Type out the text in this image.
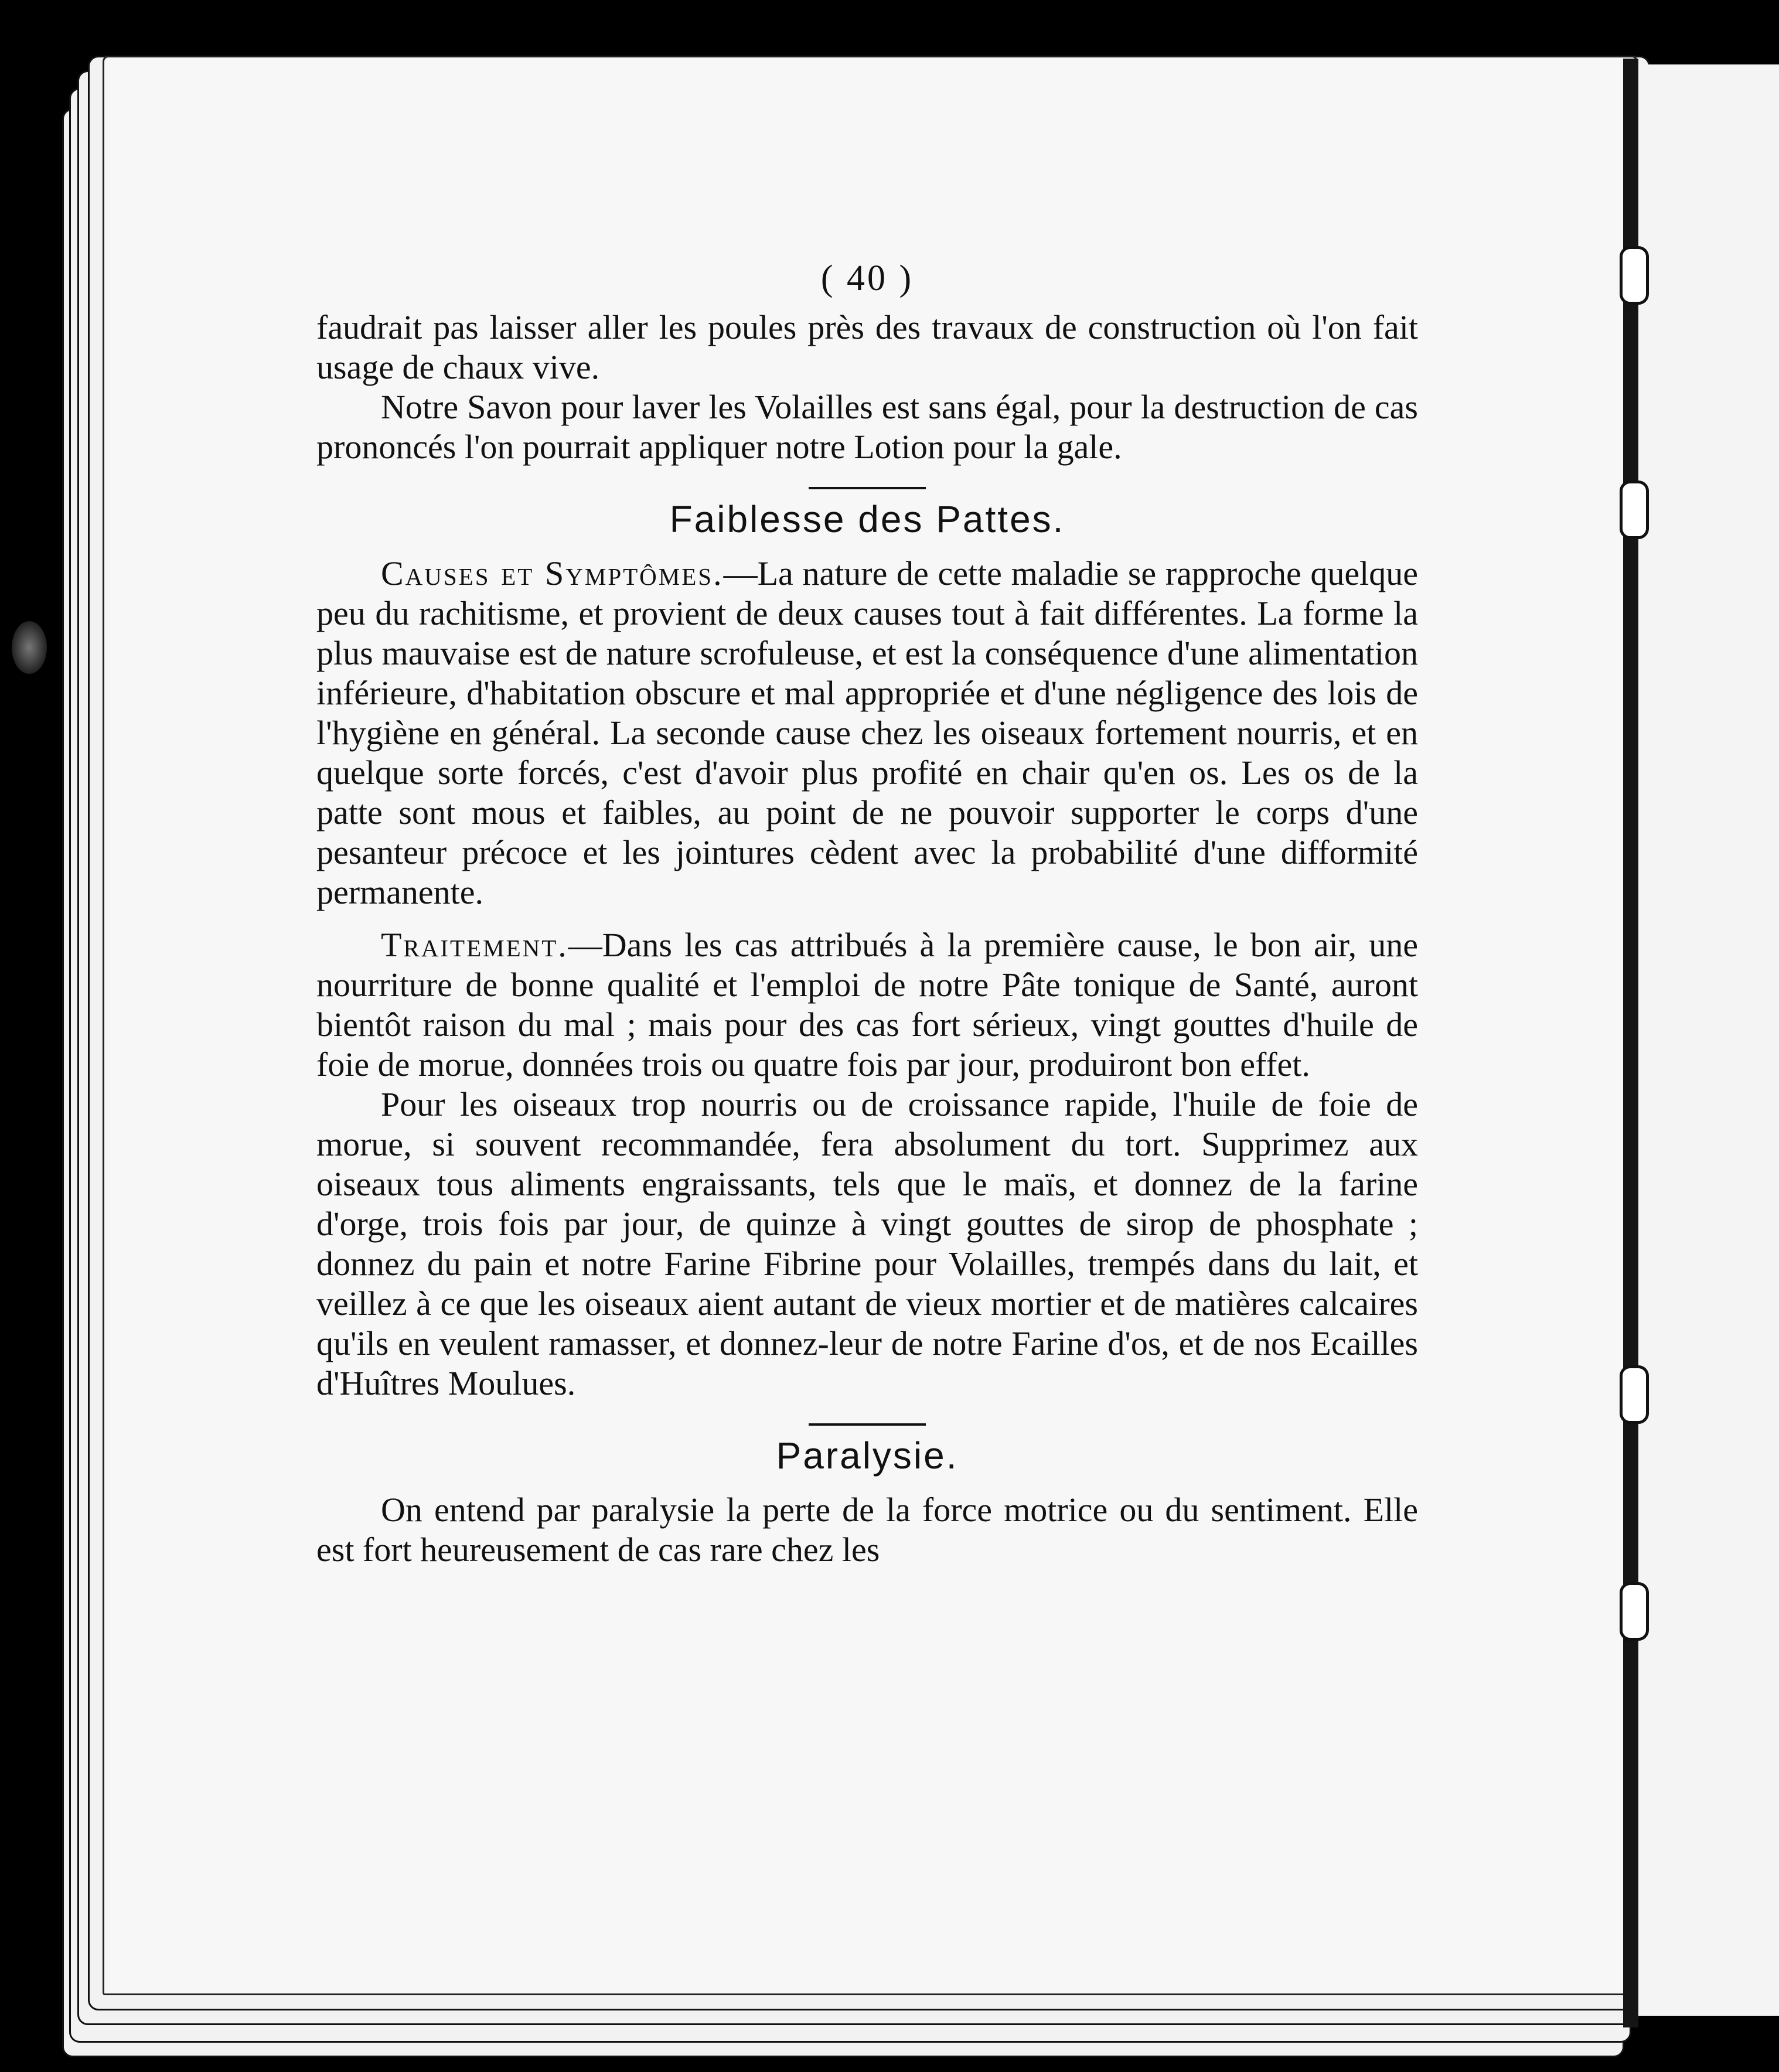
( 40 )

faudrait pas laisser aller les poules près des travaux de construction où l'on fait usage de chaux vive.

Notre Savon pour laver les Volailles est sans égal, pour la destruction de cas prononcés l'on pourrait appliquer notre Lotion pour la gale.

Faiblesse des Pattes.

Causes et Symptômes.—La nature de cette maladie se rapproche quelque peu du rachitisme, et provient de deux causes tout à fait différentes. La forme la plus mauvaise est de nature scrofuleuse, et est la conséquence d'une alimentation inférieure, d'habitation obscure et mal appropriée et d'une négligence des lois de l'hygiène en général. La seconde cause chez les oiseaux fortement nourris, et en quelque sorte forcés, c'est d'avoir plus profité en chair qu'en os. Les os de la patte sont mous et faibles, au point de ne pouvoir supporter le corps d'une pesanteur précoce et les jointures cèdent avec la probabilité d'une difformité permanente.

Traitement.—Dans les cas attribués à la première cause, le bon air, une nourriture de bonne qualité et l'emploi de notre Pâte tonique de Santé, auront bientôt raison du mal ; mais pour des cas fort sérieux, vingt gouttes d'huile de foie de morue, données trois ou quatre fois par jour, produiront bon effet.

Pour les oiseaux trop nourris ou de croissance rapide, l'huile de foie de morue, si souvent recommandée, fera absolument du tort. Supprimez aux oiseaux tous aliments engraissants, tels que le maïs, et donnez de la farine d'orge, trois fois par jour, de quinze à vingt gouttes de sirop de phosphate ; donnez du pain et notre Farine Fibrine pour Volailles, trempés dans du lait, et veillez à ce que les oiseaux aient autant de vieux mortier et de matières calcaires qu'ils en veulent ramasser, et donnez-leur de notre Farine d'os, et de nos Ecailles d'Huîtres Moulues.

Paralysie.

On entend par paralysie la perte de la force motrice ou du sentiment. Elle est fort heureusement de cas rare chez les
